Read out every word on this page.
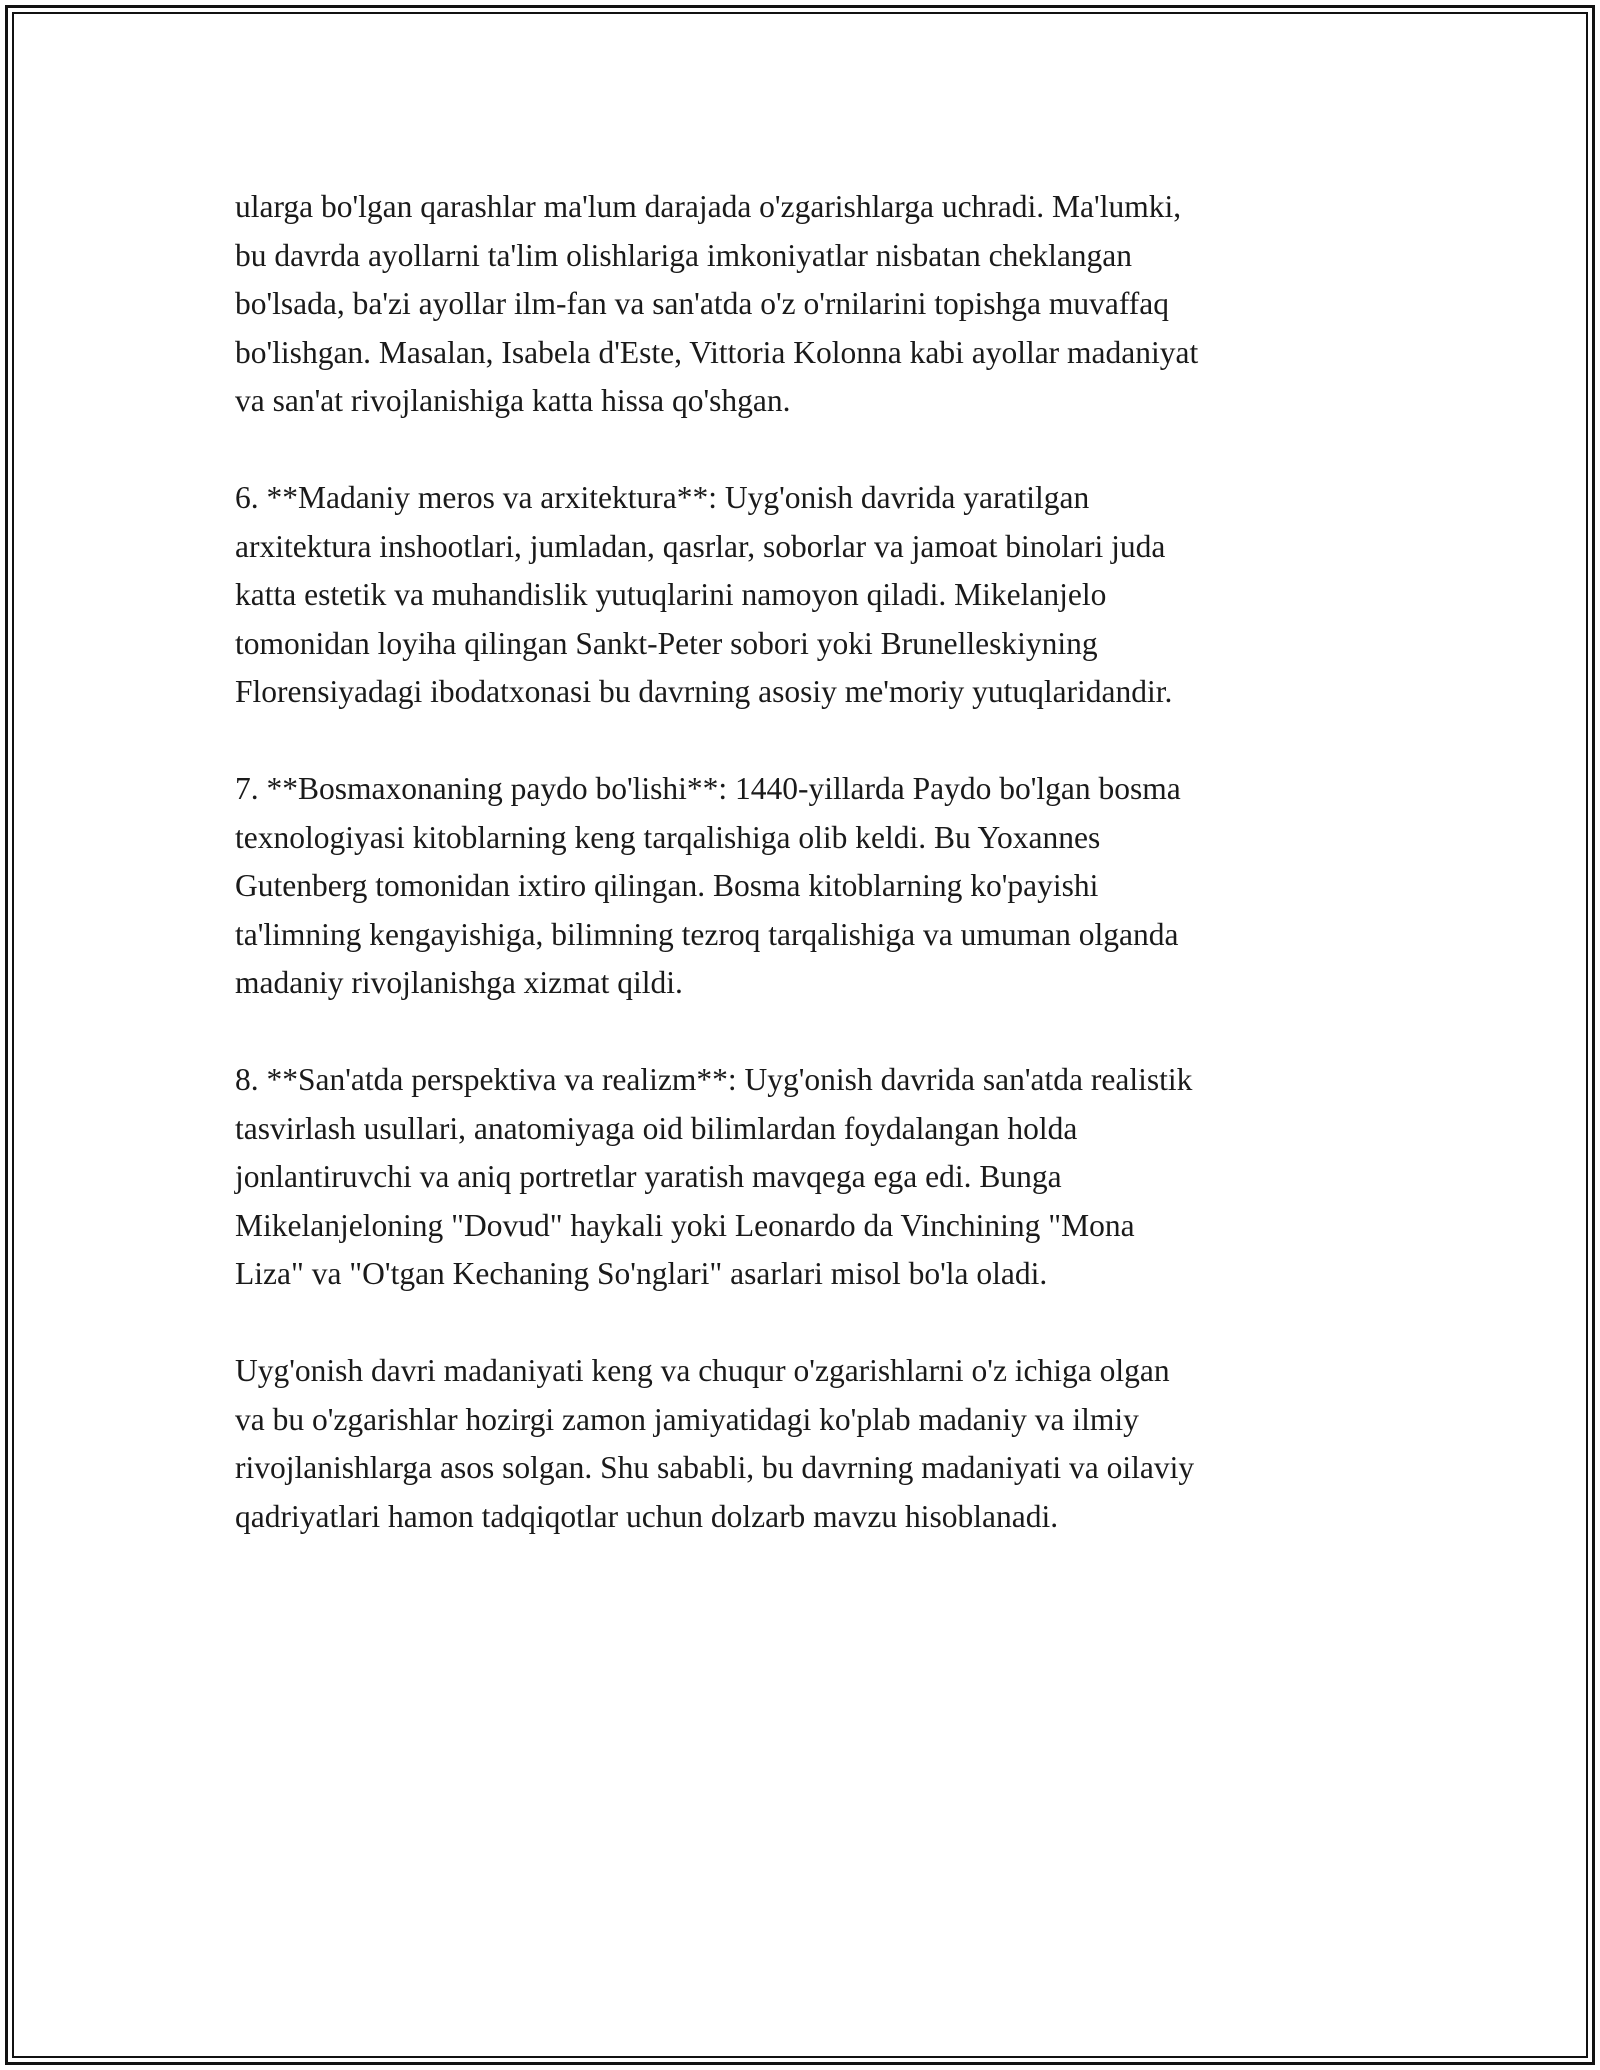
ularga bo'lgan qarashlar ma'lum darajada o'zgarishlarga uchradi. Ma'lumki,
bu davrda ayollarni ta'lim olishlariga imkoniyatlar nisbatan cheklangan
bo'lsada, ba'zi ayollar ilm-fan va san'atda o'z o'rnilarini topishga muvaffaq
bo'lishgan. Masalan, Isabela d'Este, Vittoria Kolonna kabi ayollar madaniyat
va san'at rivojlanishiga katta hissa qo'shgan.

6. **Madaniy meros va arxitektura**: Uyg'onish davrida yaratilgan
arxitektura inshootlari, jumladan, qasrlar, soborlar va jamoat binolari juda
katta estetik va muhandislik yutuqlarini namoyon qiladi. Mikelanjelo
tomonidan loyiha qilingan Sankt-Peter sobori yoki Brunelleskiyning
Florensiyadagi ibodatxonasi bu davrning asosiy me'moriy yutuqlaridandir.

7. **Bosmaxonaning paydo bo'lishi**: 1440-yillarda Paydo bo'lgan bosma
texnologiyasi kitoblarning keng tarqalishiga olib keldi. Bu Yoxannes
Gutenberg tomonidan ixtiro qilingan. Bosma kitoblarning ko'payishi
ta'limning kengayishiga, bilimning tezroq tarqalishiga va umuman olganda
madaniy rivojlanishga xizmat qildi.

8. **San'atda perspektiva va realizm**: Uyg'onish davrida san'atda realistik
tasvirlash usullari, anatomiyaga oid bilimlardan foydalangan holda
jonlantiruvchi va aniq portretlar yaratish mavqega ega edi. Bunga
Mikelanjeloning "Dovud" haykali yoki Leonardo da Vinchining "Mona
Liza" va "O'tgan Kechaning So'nglari" asarlari misol bo'la oladi.

Uyg'onish davri madaniyati keng va chuqur o'zgarishlarni o'z ichiga olgan
va bu o'zgarishlar hozirgi zamon jamiyatidagi ko'plab madaniy va ilmiy
rivojlanishlarga asos solgan. Shu sababli, bu davrning madaniyati va oilaviy
qadriyatlari hamon tadqiqotlar uchun dolzarb mavzu hisoblanadi.
